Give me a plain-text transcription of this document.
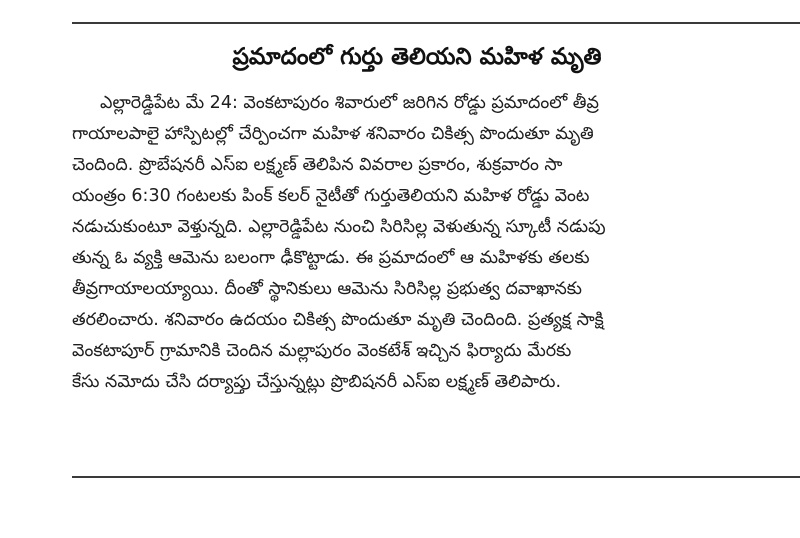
ప్రమాదంలో గుర్తు తెలియని మహిళ మృతి
ఎల్లారెడ్డిపేట మే 24: వెంకటాపురం శివారులో జరిగిన రోడ్డు ప్రమాదంలో తీవ్ర
గాయాలపాలై హాస్పిటల్లో చేర్పించగా మహిళ శనివారం చికిత్స పొందుతూ మృతి
చెందింది. ప్రొబేషనరీ ఎస్ఐ లక్ష్మణ్ తెలిపిన వివరాల ప్రకారం, శుక్రవారం సా
యంత్రం 6:30 గంటలకు పింక్ కలర్ నైటీతో గుర్తుతెలియని మహిళ రోడ్డు వెంట
నడుచుకుంటూ వెళ్తున్నది. ఎల్లారెడ్డిపేట నుంచి సిరిసిల్ల వెళుతున్న స్కూటీ నడుపు
తున్న ఓ వ్యక్తి ఆమెను బలంగా ఢీకొట్టాడు. ఈ ప్రమాదంలో ఆ మహిళకు తలకు
తీవ్రగాయాలయ్యాయి. దీంతో స్థానికులు ఆమెను సిరిసిల్ల ప్రభుత్వ దవాఖానకు
తరలించారు. శనివారం ఉదయం చికిత్స పొందుతూ మృతి చెందింది. ప్రత్యక్ష సాక్షి
వెంకటాపూర్ గ్రామానికి చెందిన మల్లాపురం వెంకటేశ్ ఇచ్చిన ఫిర్యాదు మేరకు
కేసు నమోదు చేసి దర్యాప్తు చేస్తున్నట్లు ప్రొబిషనరీ ఎస్ఐ లక్ష్మణ్ తెలిపారు.
